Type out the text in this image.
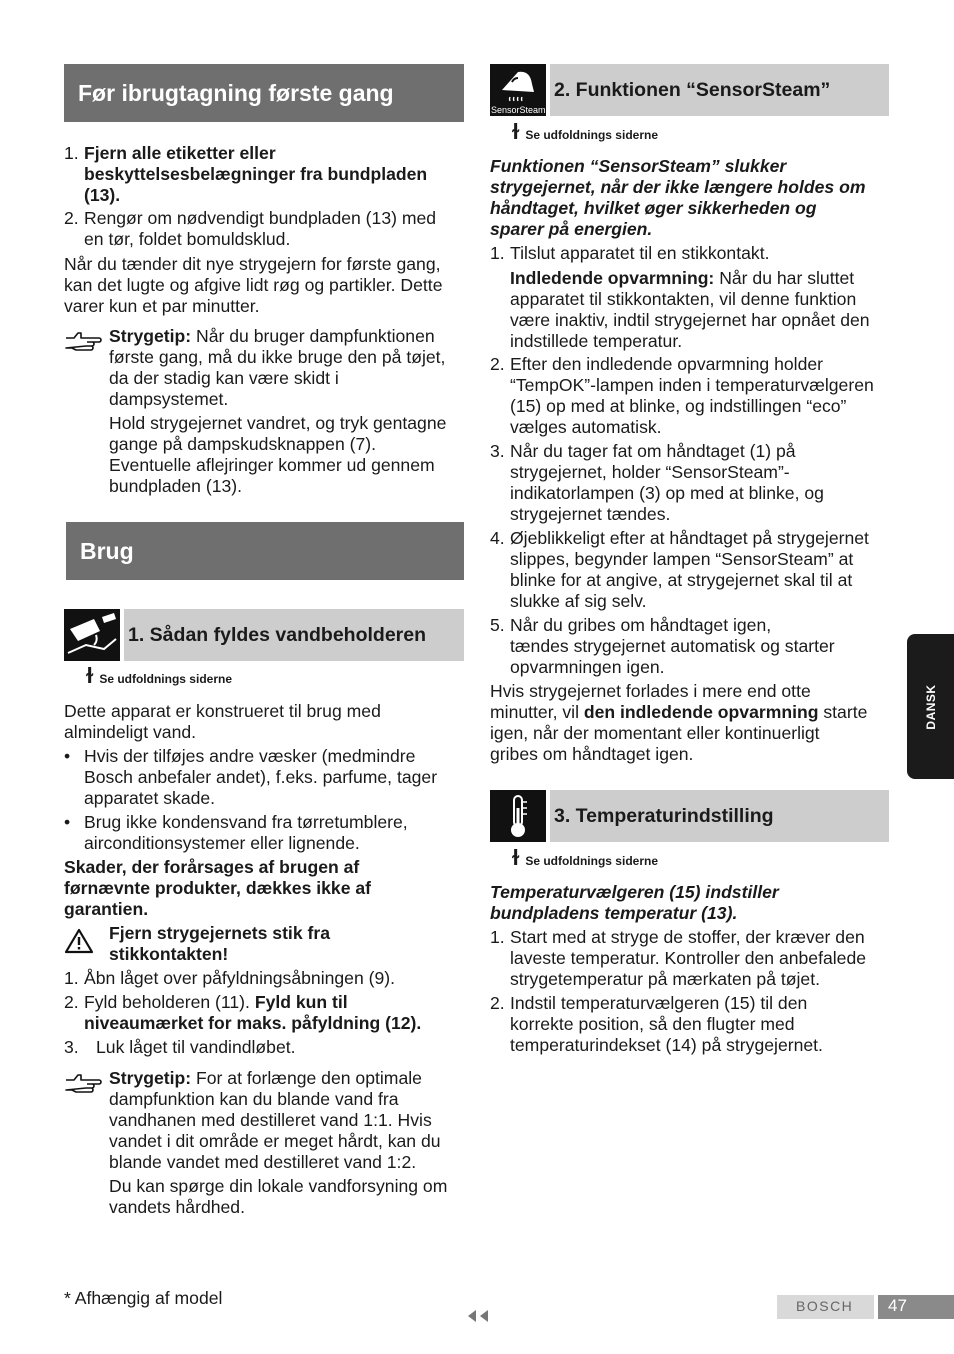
Før ibrugtagning første gang
1. Fjern alle etiketter eller beskyttelsesbelægninger fra bundpladen (13).
2. Rengør om nødvendigt bundpladen (13) med
en tør, foldet bomuldsklud.
Når du tænder dit nye strygejern for første gang,
kan det lugte og afgive lidt røg og partikler. Dette
varer kun et par minutter.
Strygetip: Når du bruger dampfunktionen
første gang, må du ikke bruge den på tøjet,
da der stadig kan være skidt i
dampsystemet.
Hold strygejernet vandret, og tryk gentagne
gange på dampskudsknappen (7).
Eventuelle aflejringer kommer ud gennem
bundpladen (13).
Brug
1. Sådan fyldes vandbeholderen
ɫ Se udfoldnings siderne
Dette apparat er konstrueret til brug med
almindeligt vand.
• Hvis der tilføjes andre væsker (medmindre
Bosch anbefaler andet), f.eks. parfume, tager
apparatet skade.
• Brug ikke kondensvand fra tørretumblere,
airconditionsystemer eller lignende.
Skader, der forårsages af brugen af
førnævnte produkter, dækkes ikke af
garantien.
Fjern strygejernets stik fra
stikkontakten!
1. Åbn låget over påfyldningsåbningen (9).
2. Fyld beholderen (11). Fyld kun til
niveaumærket for maks. påfyldning (12).
3. Luk låget til vandindløbet.
Strygetip: For at forlænge den optimale
dampfunktion kan du blande vand fra
vandhanen med destilleret vand 1:1. Hvis
vandet i dit område er meget hårdt, kan du
blande vandet med destilleret vand 1:2.
Du kan spørge din lokale vandforsyning om
vandets hårdhed.
* Afhængig af model
SensorSteam
2. Funktionen “SensorSteam”
ɫ Se udfoldnings siderne
Funktionen “SensorSteam” slukker
strygejernet, når der ikke længere holdes om
håndtaget, hvilket øger sikkerheden og
sparer på energien.
1. Tilslut apparatet til en stikkontakt.
Indledende opvarmning: Når du har sluttet
apparatet til stikkontakten, vil denne funktion
være inaktiv, indtil strygejernet har opnået den
indstillede temperatur.
2. Efter den indledende opvarmning holder
“TempOK”-lampen inden i temperaturvælgeren
(15) op med at blinke, og indstillingen “eco”
vælges automatisk.
3. Når du tager fat om håndtaget (1) på
strygejernet, holder “SensorSteam”-
indikatorlampen (3) op med at blinke, og
strygejernet tændes.
4. Øjeblikkeligt efter at håndtaget på strygejernet
slippes, begynder lampen “SensorSteam” at
blinke for at angive, at strygejernet skal til at
slukke af sig selv.
5. Når du gribes om håndtaget igen,
tændes strygejernet automatisk og starter
opvarmningen igen.
Hvis strygejernet forlades i mere end otte
minutter, vil den indledende opvarmning starte
igen, når der momentant eller kontinuerligt
gribes om håndtaget igen.
3. Temperaturindstilling
ɫ Se udfoldnings siderne
Temperaturvælgeren (15) indstiller
bundpladens temperatur (13).
1. Start med at stryge de stoffer, der kræver den
laveste temperatur. Kontroller den anbefalede
strygetemperatur på mærkaten på tøjet.
2. Indstil temperaturvælgeren (15) til den
korrekte position, så den flugter med
temperaturindekset (14) på strygejernet.
DANSK
BOSCH 47
